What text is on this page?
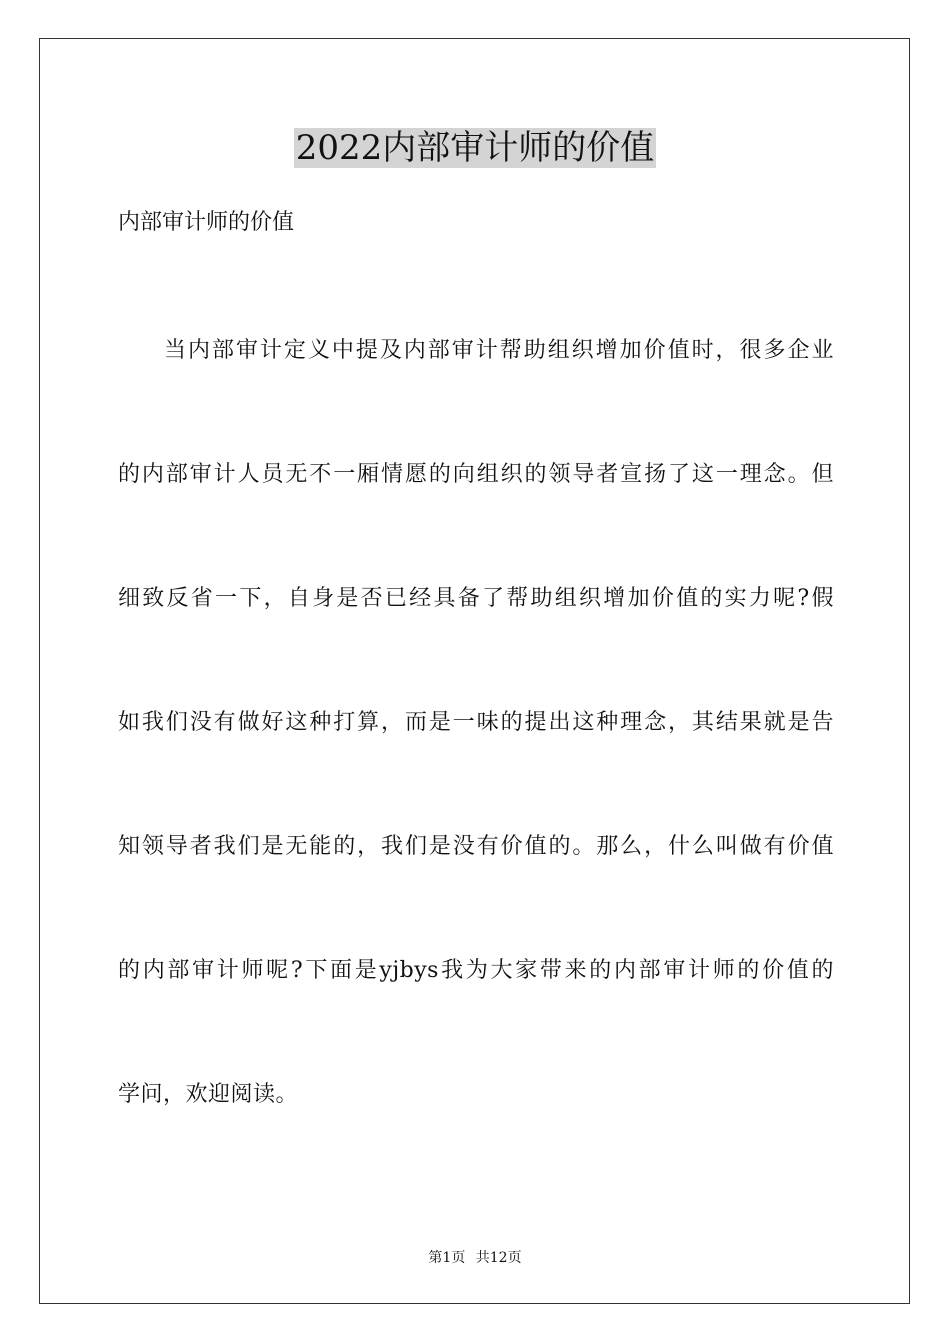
2022内部审计师的价值
内部审计师的价值
当内部审计定义中提及内部审计帮助组织增加价值时，很多企业
的内部审计人员无不一厢情愿的向组织的领导者宣扬了这一理念。但
细致反省一下，自身是否已经具备了帮助组织增加价值的实力呢?假
如我们没有做好这种打算，而是一味的提出这种理念，其结果就是告
知领导者我们是无能的，我们是没有价值的。那么，什么叫做有价值
的内部审计师呢?下面是yjbys我为大家带来的内部审计师的价值的
学问，欢迎阅读。
第1页 共12页
